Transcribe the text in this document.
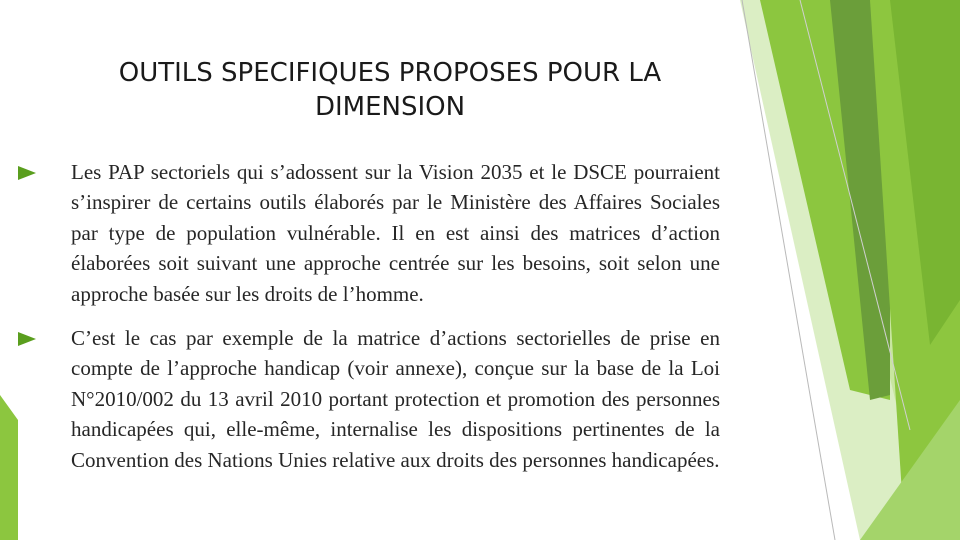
OUTILS SPECIFIQUES PROPOSES POUR LA DIMENSION
Les PAP sectoriels qui s’adossent sur la Vision 2035 et le DSCE pourraient s’inspirer de certains outils élaborés par le Ministère des Affaires Sociales par type de population vulnérable. Il en est ainsi des matrices d’action élaborées soit suivant une approche centrée sur les besoins, soit selon une approche basée sur les droits de l’homme.
C’est le cas par exemple de la matrice d’actions sectorielles de prise en compte de l’approche handicap (voir annexe), conçue sur la base de la Loi N°2010/002 du 13 avril 2010 portant protection et promotion des personnes handicapées qui, elle-même, internalise les dispositions pertinentes de la Convention des Nations Unies relative aux droits des personnes handicapées.
